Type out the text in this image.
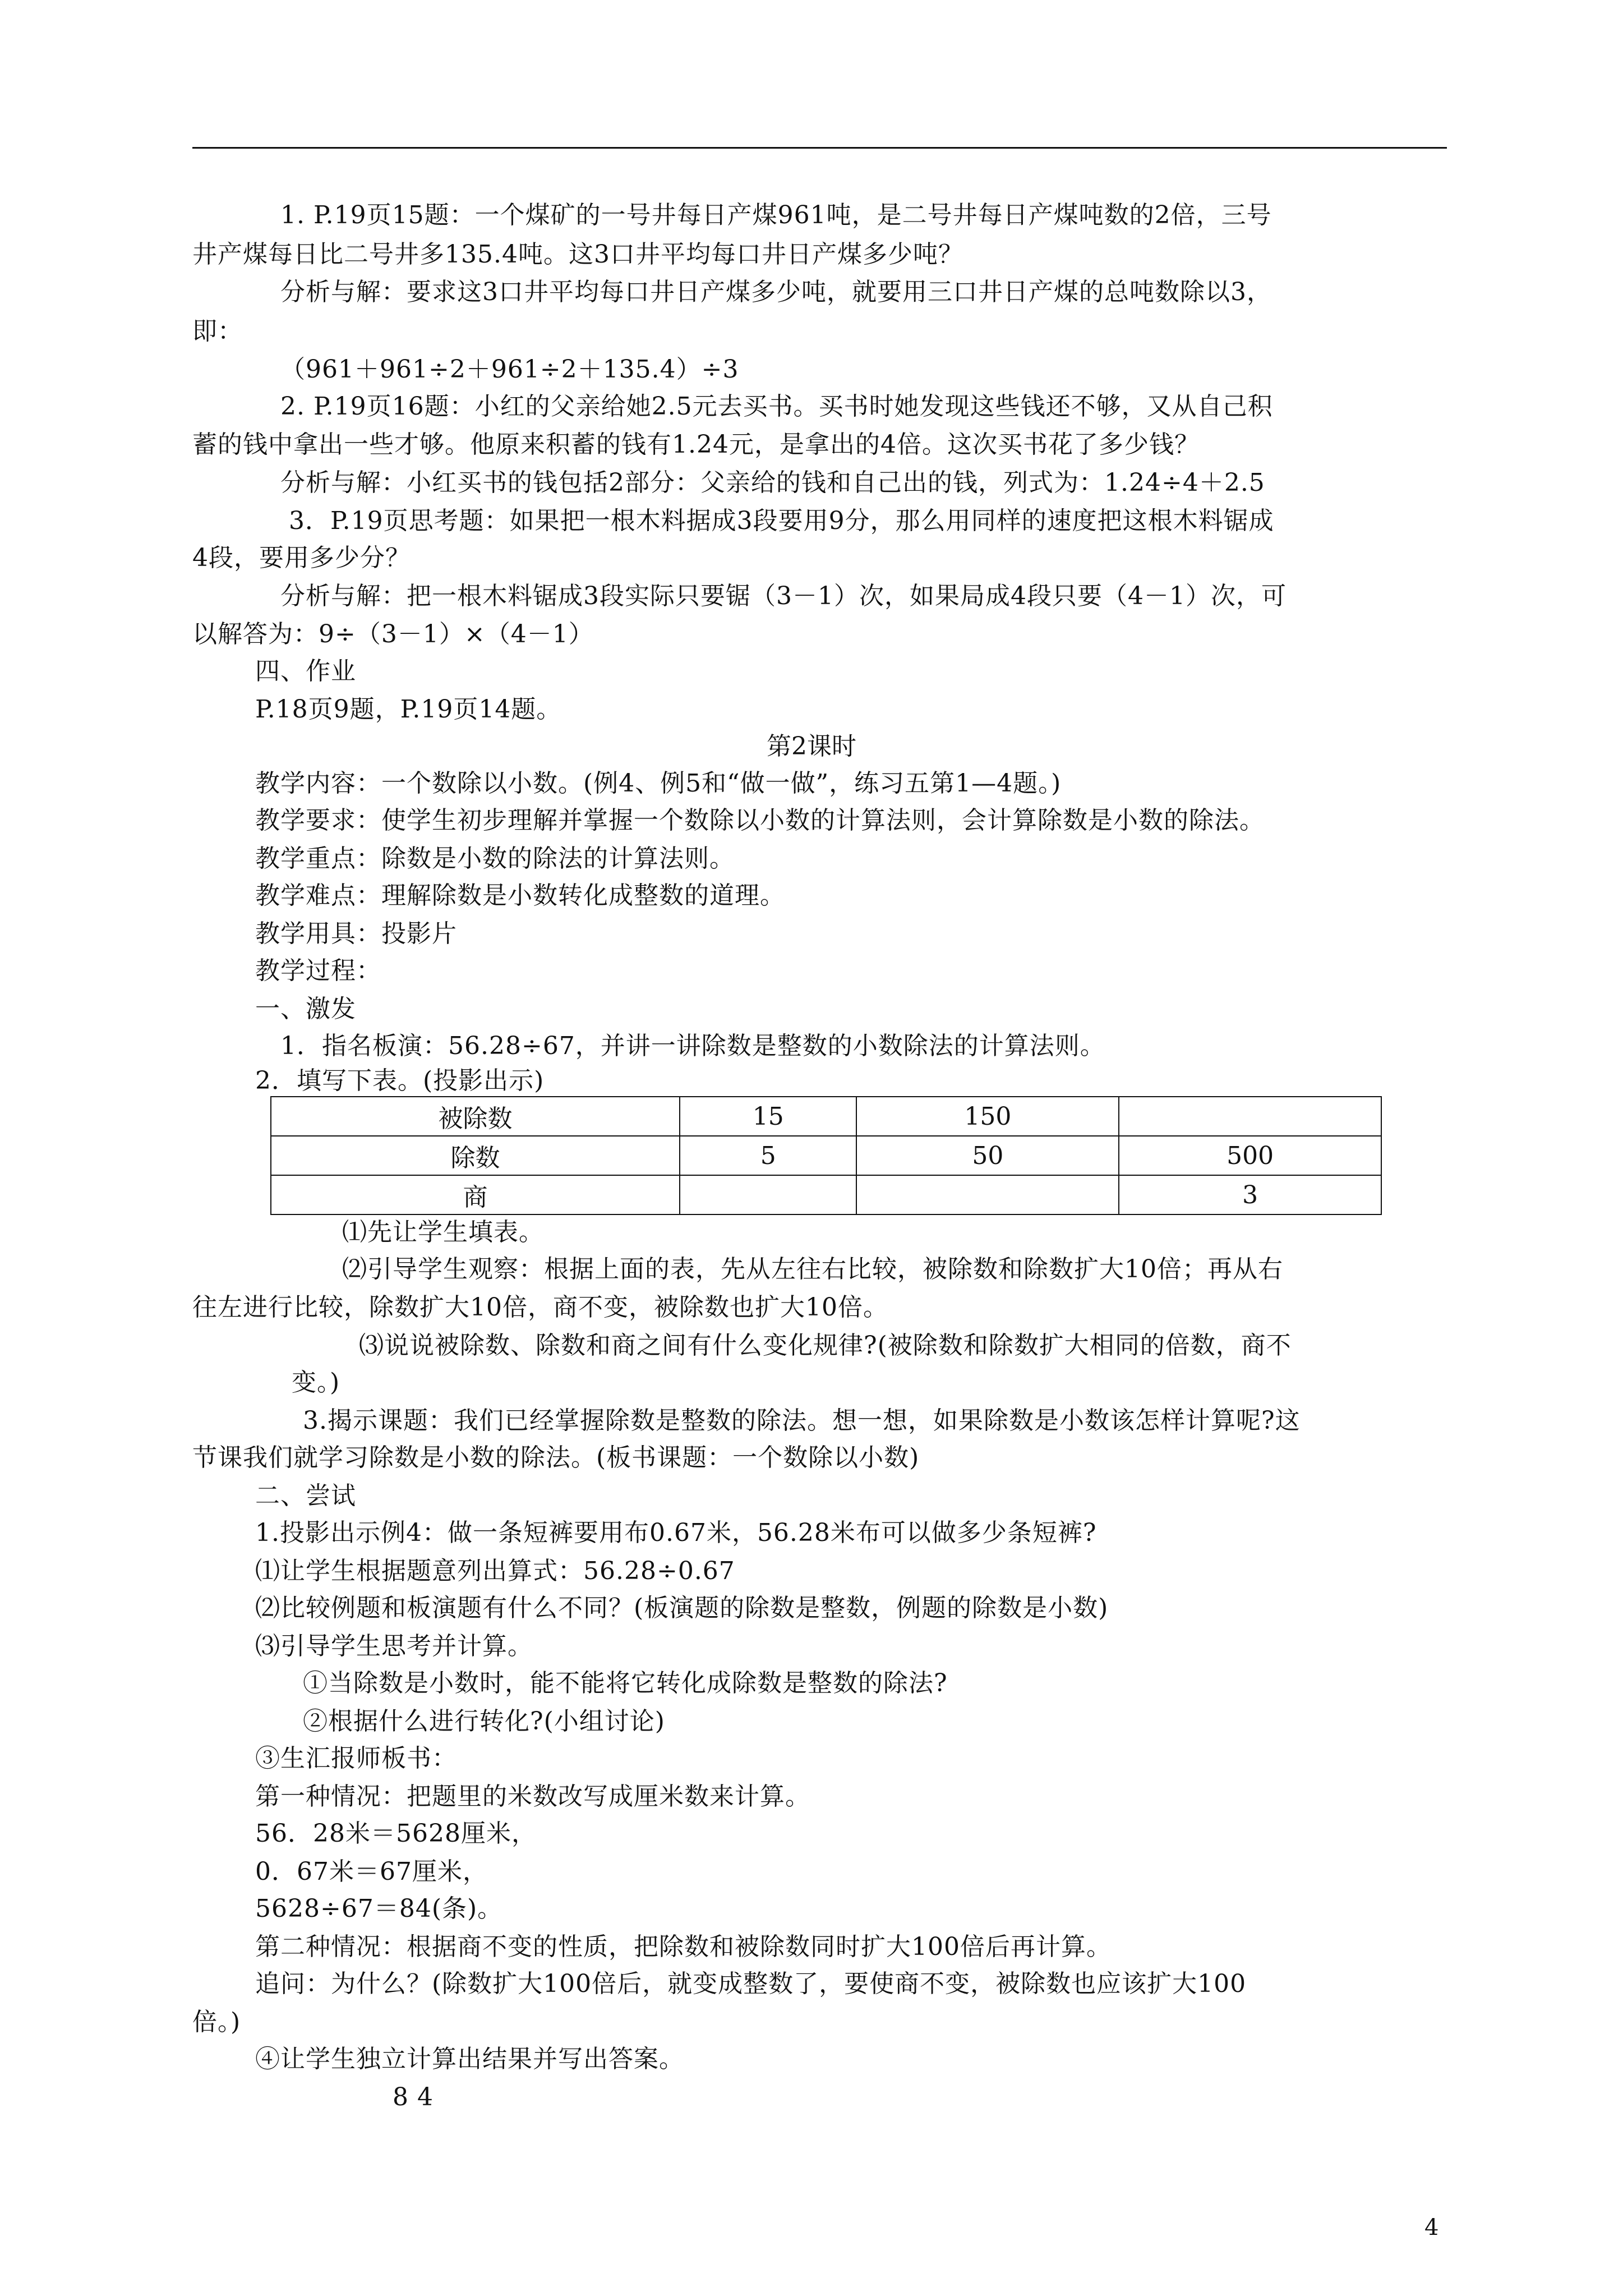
1. P.19页15题：一个煤矿的一号井每日产煤961吨，是二号井每日产煤吨数的2倍，三号
井产煤每日比二号井多135.4吨。这3口井平均每口井日产煤多少吨？
分析与解：要求这3口井平均每口井日产煤多少吨，就要用三口井日产煤的总吨数除以3，
即：
（961＋961÷2＋961÷2＋135.4）÷3
2. P.19页16题：小红的父亲给她2.5元去买书。买书时她发现这些钱还不够，又从自己积
蓄的钱中拿出一些才够。他原来积蓄的钱有1.24元，是拿出的4倍。这次买书花了多少钱？
分析与解：小红买书的钱包括2部分：父亲给的钱和自己出的钱，列式为：1.24÷4＋2.5
3．P.19页思考题：如果把一根木料据成3段要用9分，那么用同样的速度把这根木料锯成
4段，要用多少分？
分析与解：把一根木料锯成3段实际只要锯（3－1）次，如果局成4段只要（4－1）次，可
以解答为：9÷（3－1）×（4－1）
四、作业
P.18页9题，P.19页14题。
第2课时
教学内容：一个数除以小数。(例4、例5和“做一做”，练习五第1—4题。)
教学要求：使学生初步理解并掌握一个数除以小数的计算法则，会计算除数是小数的除法。
教学重点：除数是小数的除法的计算法则。
教学难点：理解除数是小数转化成整数的道理。
教学用具：投影片
教学过程：
一、激发
1．指名板演：56.28÷67，并讲一讲除数是整数的小数除法的计算法则。
2．填写下表。(投影出示)
被除数	15	150	
除数	5	50	500
商			3
⑴先让学生填表。
⑵引导学生观察：根据上面的表，先从左往右比较，被除数和除数扩大10倍；再从右
往左进行比较，除数扩大10倍，商不变，被除数也扩大10倍。
⑶说说被除数、除数和商之间有什么变化规律?(被除数和除数扩大相同的倍数，商不
变。)
3.揭示课题：我们已经掌握除数是整数的除法。想一想，如果除数是小数该怎样计算呢?这
节课我们就学习除数是小数的除法。(板书课题：一个数除以小数)
二、尝试
1.投影出示例4：做一条短裤要用布0.67米，56.28米布可以做多少条短裤?
⑴让学生根据题意列出算式：56.28÷0.67
⑵比较例题和板演题有什么不同？(板演题的除数是整数，例题的除数是小数)
⑶引导学生思考并计算。
①当除数是小数时，能不能将它转化成除数是整数的除法?
②根据什么进行转化?(小组讨论)
③生汇报师板书：
第一种情况：把题里的米数改写成厘米数来计算。
56．28米＝5628厘米，
0．67米＝67厘米，
5628÷67＝84(条)。
第二种情况：根据商不变的性质，把除数和被除数同时扩大100倍后再计算。
追问：为什么？(除数扩大100倍后，就变成整数了，要使商不变，被除数也应该扩大100
倍。)
④让学生独立计算出结果并写出答案。
8 4
4
